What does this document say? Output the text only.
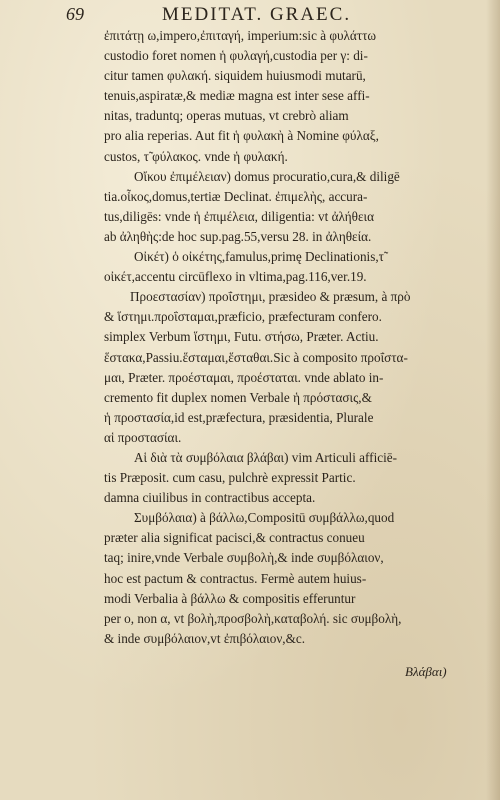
69	MEDITAT. GRAEC.
ἐπιτάτῃ ω,impero,ἐπιταγή, imperium:sic à φυλάττω
custodio foret nomen ἡ φυλαγή,custodia per γ: di-
citur tamen φυλακή. siquidem huiusmodi mutarū,
tenuis,aspiratæ,& mediæ magna est inter sese affi-
nitas, traduntq; operas mutuas, vt crebrò aliam
pro alia reperias. Aut fit ἡ φυλακὴ à Nomine φύλαξ,
custos, τ̃ φύλακος. vnde ἡ φυλακή.
Οἴκου ἐπιμέλειαν) domus procuratio,cura,& diligē
tia.οἶκος,domus,tertiæ Declinat. ἐπιμελὴς, accura-
tus,diligēs: vnde ἡ ἐπιμέλεια, diligentia: vt ἀλήθεια
ab ἀληθὴς:de hoc sup.pag.55,versu 28. in ἀληθεία.
Οἰκέτ) ὁ οἰκέτης,famulus,primę Declinationis,τ̃
οἰκέτ,accentu circūflexo in vltima,pag.116,ver.19.
Προεστασίαν) προΐστημι, præsideo & præsum, à πρὸ
& ἵστημι.προΐσταμαι,præficio, præfecturam confero.
simplex Verbum ἵστημι, Futu. στήσω, Præter. Actiu.
ἕστακα,Passiu.ἕσταμαι,ἕσταθαι.Sic à composito προΐστα-
μαι, Præter. προέσταμαι, προέσταται. vnde ablato in-
cremento fit duplex nomen Verbale ἡ πρόστασις,&
ἡ προστασία,id est,præfectura, præsidentia, Plurale
αἱ προστασίαι.
Αἱ διὰ τὰ συμβόλαια βλάβαι) vim Articuli afficiē-
tis Præposit. cum casu, pulchrè expressit Partic.
damna ciuilibus in contractibus accepta.
Συμβόλαια) à βάλλω,Compositū συμβάλλω,quod
præter alia significat pacisci,& contractus conueu
taq; inire,vnde Verbale συμβολὴ,& inde συμβόλαιον,
hoc est pactum & contractus. Fermè autem huius-
modi Verbalia à βάλλω & compositis efferuntur
per ο, non α, vt βολὴ,προσβολὴ,καταβολή. sic συμβολὴ,
& inde συμβόλαιον,vt ἐπιβόλαιον,&c.
Βλάβαι)
